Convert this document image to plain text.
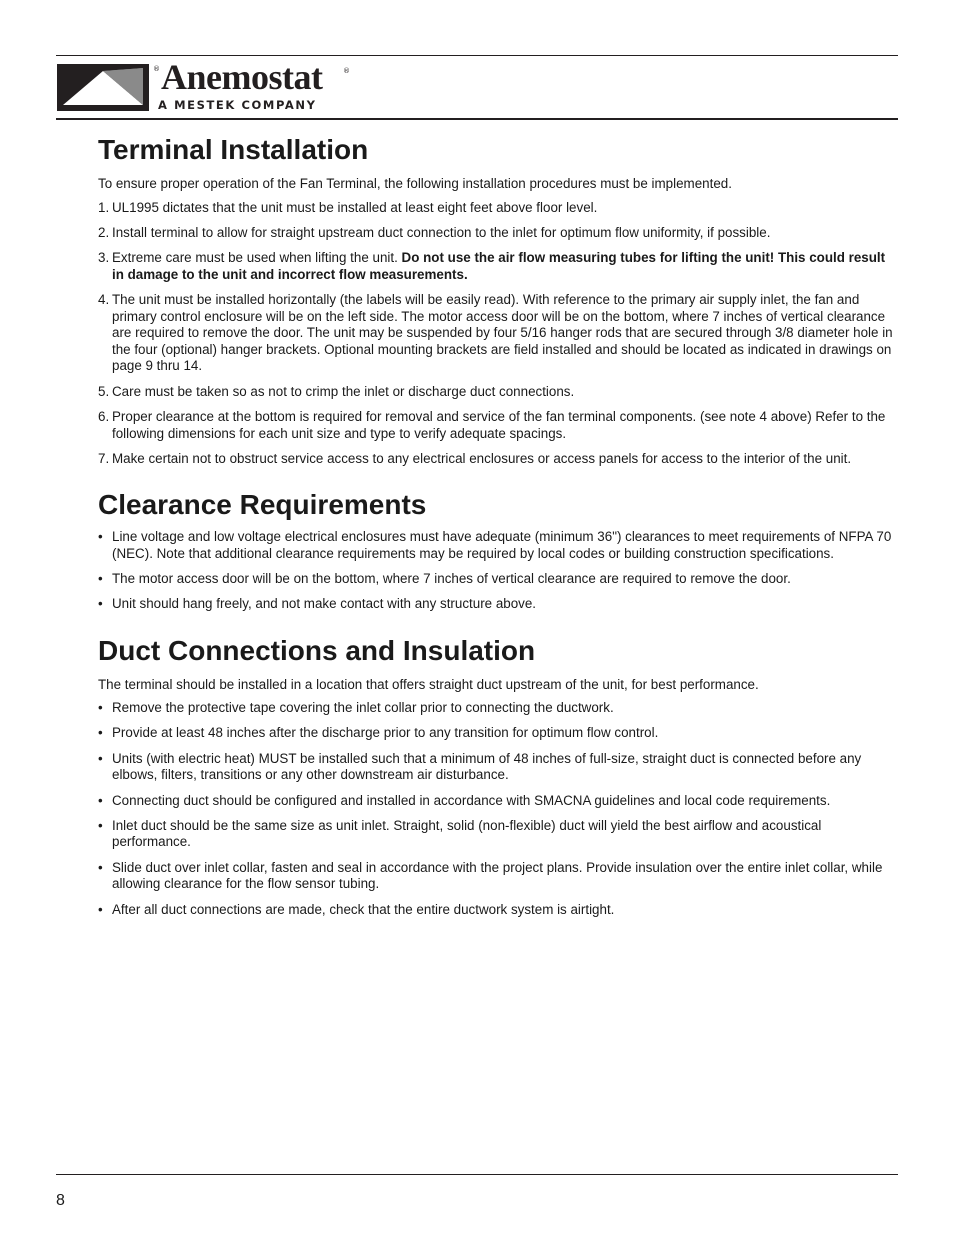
® Anemostat	®
A MESTEK COMPANY
Terminal Installation

To ensure proper operation of the Fan Terminal, the following installation procedures must be implemented.

1. UL1995 dictates that the unit must be installed at least eight feet above floor level.
2. Install terminal to allow for straight upstream duct connection to the inlet for optimum flow uniformity, if possible.
3. Extreme care must be used when lifting the unit. Do not use the air flow measuring tubes for lifting the unit! This could result in damage to the unit and incorrect flow measurements.
4. The unit must be installed horizontally (the labels will be easily read). With reference to the primary air supply inlet, the fan and primary control enclosure will be on the left side. The motor access door will be on the bottom, where 7 inches of vertical clearance are required to remove the door. The unit may be suspended by four 5/16 hanger rods that are secured through 3/8 diameter hole in the four (optional) hanger brackets. Optional mounting brackets are field installed and should be located as indicated in drawings on page 9 thru 14.
5. Care must be taken so as not to crimp the inlet or discharge duct connections.
6. Proper clearance at the bottom is required for removal and service of the fan terminal components. (see note 4 above) Refer to the following dimensions for each unit size and type to verify adequate spacings.
7. Make certain not to obstruct service access to any electrical enclosures or access panels for access to the interior of the unit.
Clearance Requirements
• Line voltage and low voltage electrical enclosures must have adequate (minimum 36") clearances to meet requirements of NFPA 70 (NEC). Note that additional clearance requirements may be required by local codes or building construction specifications.
• The motor access door will be on the bottom, where 7 inches of vertical clearance are required to remove the door.
• Unit should hang freely, and not make contact with any structure above.
Duct Connections and Insulation

The terminal should be installed in a location that offers straight duct upstream of the unit, for best performance.

• Remove the protective tape covering the inlet collar prior to connecting the ductwork.
• Provide at least 48 inches after the discharge prior to any transition for optimum flow control.
• Units (with electric heat) MUST be installed such that a minimum of 48 inches of full-size, straight duct is connected before any elbows, filters, transitions or any other downstream air disturbance.
• Connecting duct should be configured and installed in accordance with SMACNA guidelines and local code requirements.
• Inlet duct should be the same size as unit inlet. Straight, solid (non-flexible) duct will yield the best airflow and acoustical performance.
• Slide duct over inlet collar, fasten and seal in accordance with the project plans. Provide insulation over the entire inlet collar, while allowing clearance for the flow sensor tubing.
• After all duct connections are made, check that the entire ductwork system is airtight.
8
